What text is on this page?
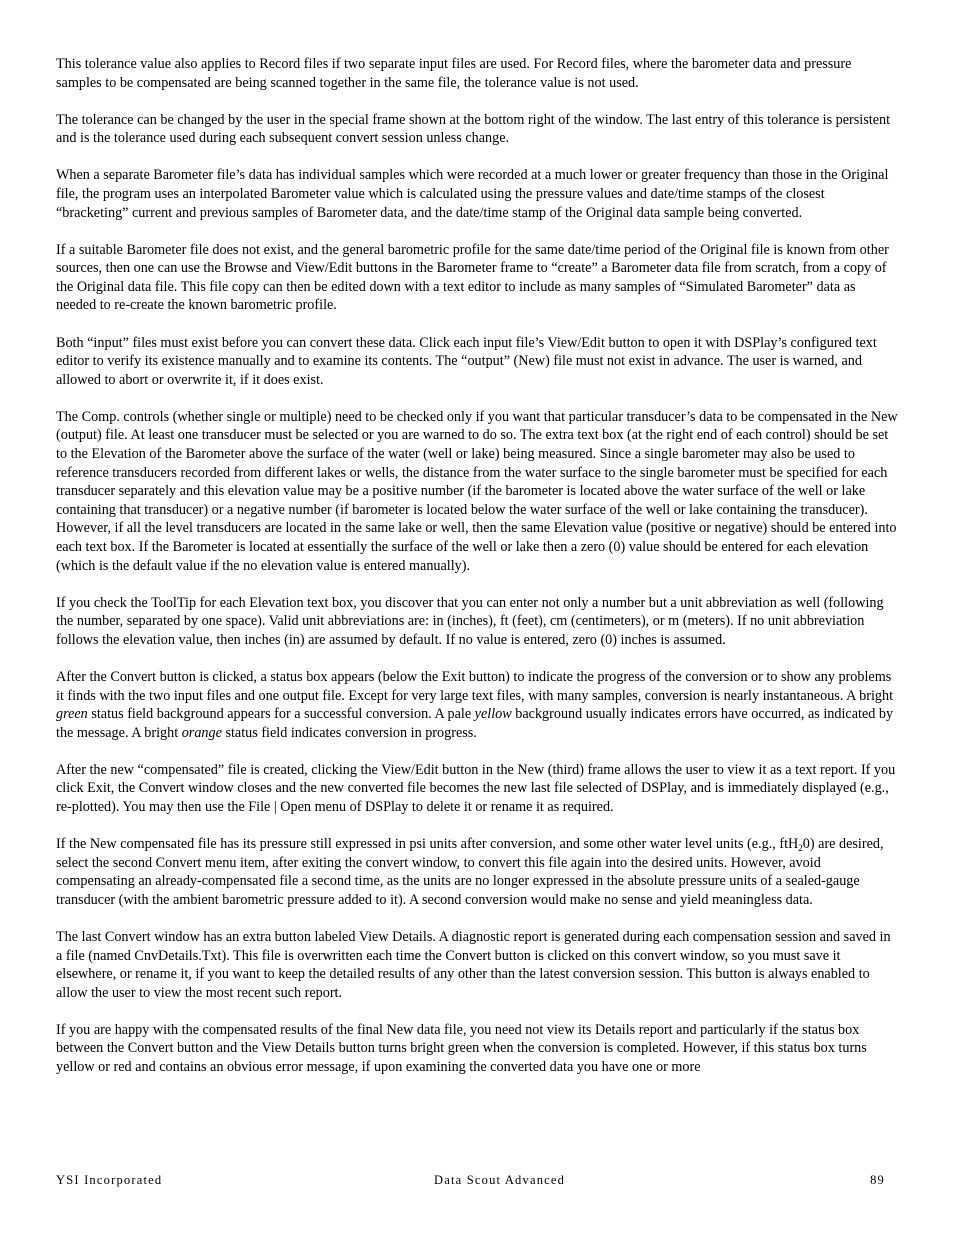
This tolerance value also applies to Record files if two separate input files are used. For Record files, where the barometer data and pressure samples to be compensated are being scanned together in the same file, the tolerance value is not used.

The tolerance can be changed by the user in the special frame shown at the bottom right of the window. The last entry of this tolerance is persistent and is the tolerance used during each subsequent convert session unless change.

When a separate Barometer file’s data has individual samples which were recorded at a much lower or greater frequency than those in the Original file, the program uses an interpolated Barometer value which is calculated using the pressure values and date/time stamps of the closest “bracketing” current and previous samples of Barometer data, and the date/time stamp of the Original data sample being converted.

If a suitable Barometer file does not exist, and the general barometric profile for the same date/time period of the Original file is known from other sources, then one can use the Browse and View/Edit buttons in the Barometer frame to “create” a Barometer data file from scratch, from a copy of the Original data file. This file copy can then be edited down with a text editor to include as many samples of “Simulated Barometer” data as needed to re-create the known barometric profile.

Both “input” files must exist before you can convert these data. Click each input file’s View/Edit button to open it with DSPlay’s configured text editor to verify its existence manually and to examine its contents. The “output” (New) file must not exist in advance. The user is warned, and allowed to abort or overwrite it, if it does exist.

The Comp. controls (whether single or multiple) need to be checked only if you want that particular transducer’s data to be compensated in the New (output) file. At least one transducer must be selected or you are warned to do so. The extra text box (at the right end of each control) should be set to the Elevation of the Barometer above the surface of the water (well or lake) being measured. Since a single barometer may also be used to reference transducers recorded from different lakes or wells, the distance from the water surface to the single barometer must be specified for each transducer separately and this elevation value may be a positive number (if the barometer is located above the water surface of the well or lake containing that transducer) or a negative number (if barometer is located below the water surface of the well or lake containing the transducer). However, if all the level transducers are located in the same lake or well, then the same Elevation value (positive or negative) should be entered into each text box. If the Barometer is located at essentially the surface of the well or lake then a zero (0) value should be entered for each elevation (which is the default value if the no elevation value is entered manually).

If you check the ToolTip for each Elevation text box, you discover that you can enter not only a number but a unit abbreviation as well (following the number, separated by one space). Valid unit abbreviations are: in (inches), ft (feet), cm (centimeters), or m (meters). If no unit abbreviation follows the elevation value, then inches (in) are assumed by default. If no value is entered, zero (0) inches is assumed.

After the Convert button is clicked, a status box appears (below the Exit button) to indicate the progress of the conversion or to show any problems it finds with the two input files and one output file. Except for very large text files, with many samples, conversion is nearly instantaneous. A bright green status field background appears for a successful conversion. A pale yellow background usually indicates errors have occurred, as indicated by the message. A bright orange status field indicates conversion in progress.

After the new “compensated” file is created, clicking the View/Edit button in the New (third) frame allows the user to view it as a text report. If you click Exit, the Convert window closes and the new converted file becomes the new last file selected of DSPlay, and is immediately displayed (e.g., re-plotted). You may then use the File | Open menu of DSPlay to delete it or rename it as required.

If the New compensated file has its pressure still expressed in psi units after conversion, and some other water level units (e.g., ftH$_2$0) are desired, select the second Convert menu item, after exiting the convert window, to convert this file again into the desired units. However, avoid compensating an already-compensated file a second time, as the units are no longer expressed in the absolute pressure units of a sealed-gauge transducer (with the ambient barometric pressure added to it). A second conversion would make no sense and yield meaningless data.

The last Convert window has an extra button labeled View Details. A diagnostic report is generated during each compensation session and saved in a file (named CnvDetails.Txt). This file is overwritten each time the Convert button is clicked on this convert window, so you must save it elsewhere, or rename it, if you want to keep the detailed results of any other than the latest conversion session. This button is always enabled to allow the user to view the most recent such report.

If you are happy with the compensated results of the final New data file, you need not view its Details report and particularly if the status box between the Convert button and the View Details button turns bright green when the conversion is completed. However, if this status box turns yellow or red and contains an obvious error message, if upon examining the converted data you have one or more

YSI Incorporated	Data Scout Advanced	89
